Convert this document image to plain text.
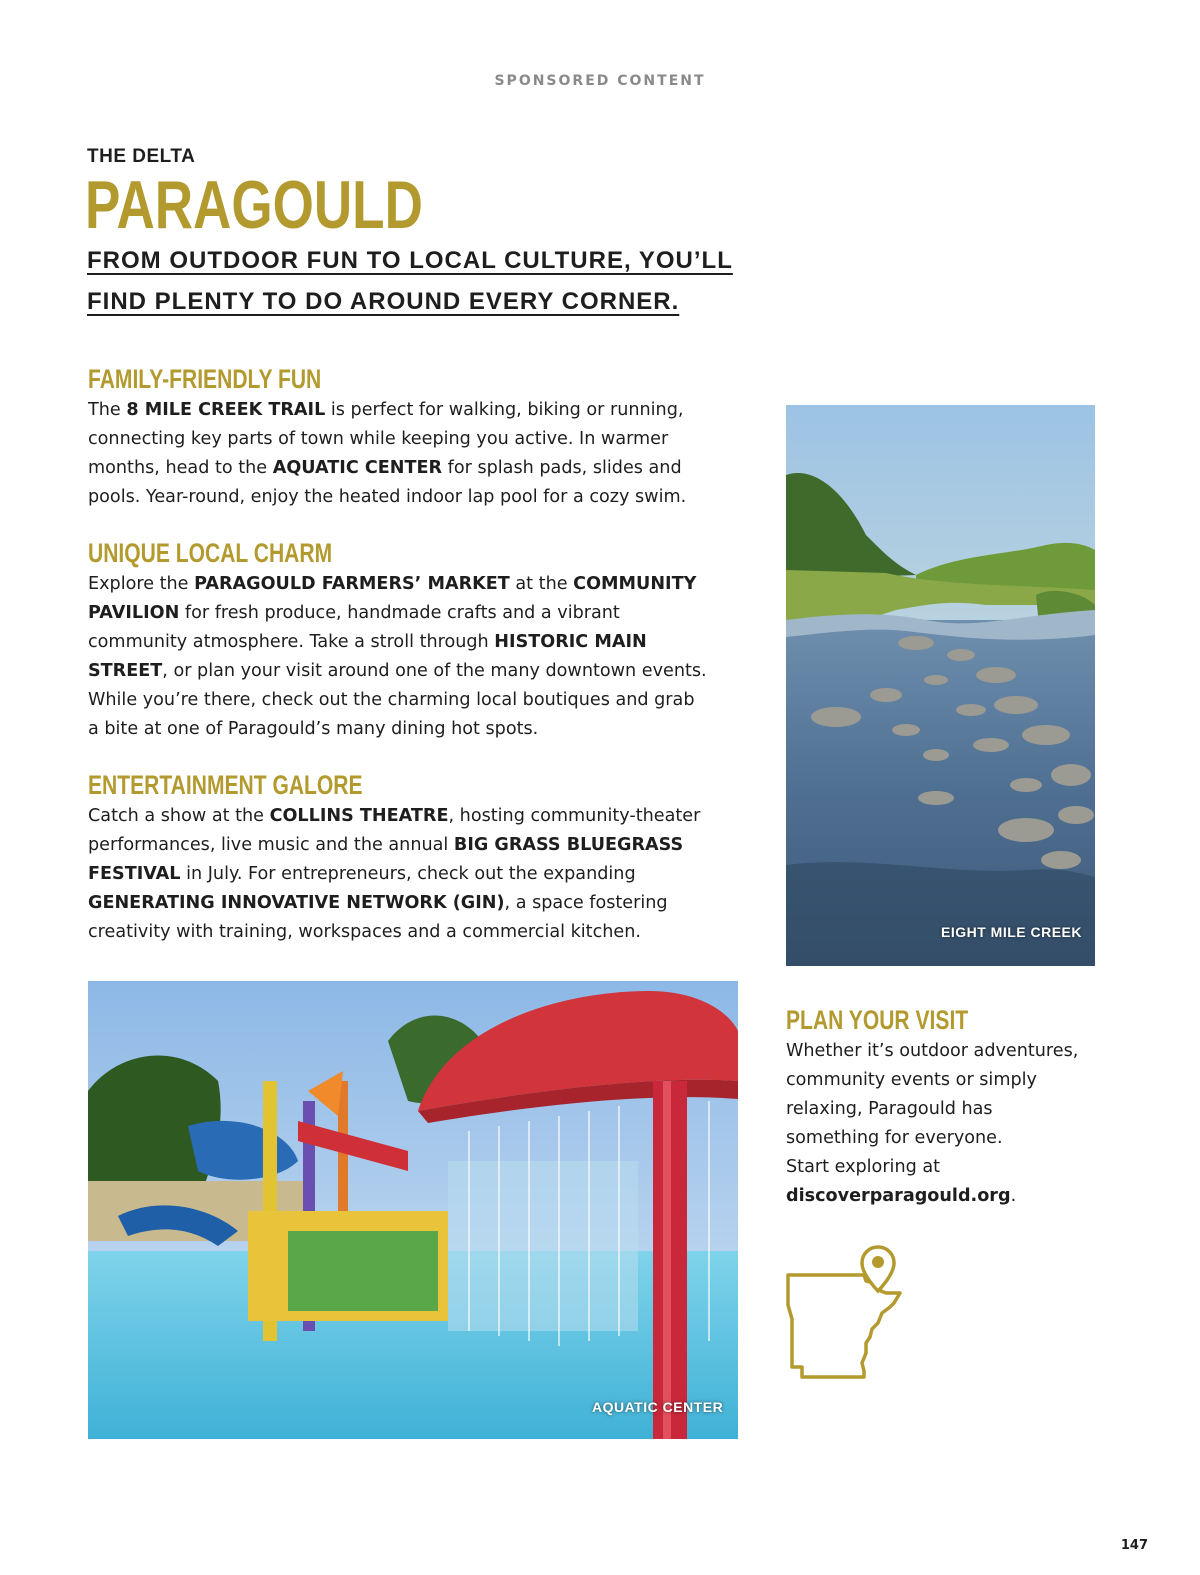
SPONSORED CONTENT
THE DELTA
PARAGOULD
FROM OUTDOOR FUN TO LOCAL CULTURE, YOU’LL
FIND PLENTY TO DO AROUND EVERY CORNER.
FAMILY-FRIENDLY FUN

The 8 MILE CREEK TRAIL is perfect for walking, biking or running,
connecting key parts of town while keeping you active. In warmer
months, head to the AQUATIC CENTER for splash pads, slides and
pools. Year-round, enjoy the heated indoor lap pool for a cozy swim.

UNIQUE LOCAL CHARM

Explore the PARAGOULD FARMERS’ MARKET at the COMMUNITY
PAVILION for fresh produce, handmade crafts and a vibrant
community atmosphere. Take a stroll through HISTORIC MAIN
STREET, or plan your visit around one of the many downtown events.
While you’re there, check out the charming local boutiques and grab
a bite at one of Paragould’s many dining hot spots.

ENTERTAINMENT GALORE

Catch a show at the COLLINS THEATRE, hosting community-theater
performances, live music and the annual BIG GRASS BLUEGRASS
FESTIVAL in July. For entrepreneurs, check out the expanding
GENERATING INNOVATIVE NETWORK (GIN), a space fostering
creativity with training, workspaces and a commercial kitchen.	EIGHT MILE CREEK
AQUATIC CENTER
PLAN YOUR VISIT

Whether it’s outdoor adventures,
community events or simply
relaxing, Paragould has
something for everyone.
Start exploring at
discoverparagould.org.

147
